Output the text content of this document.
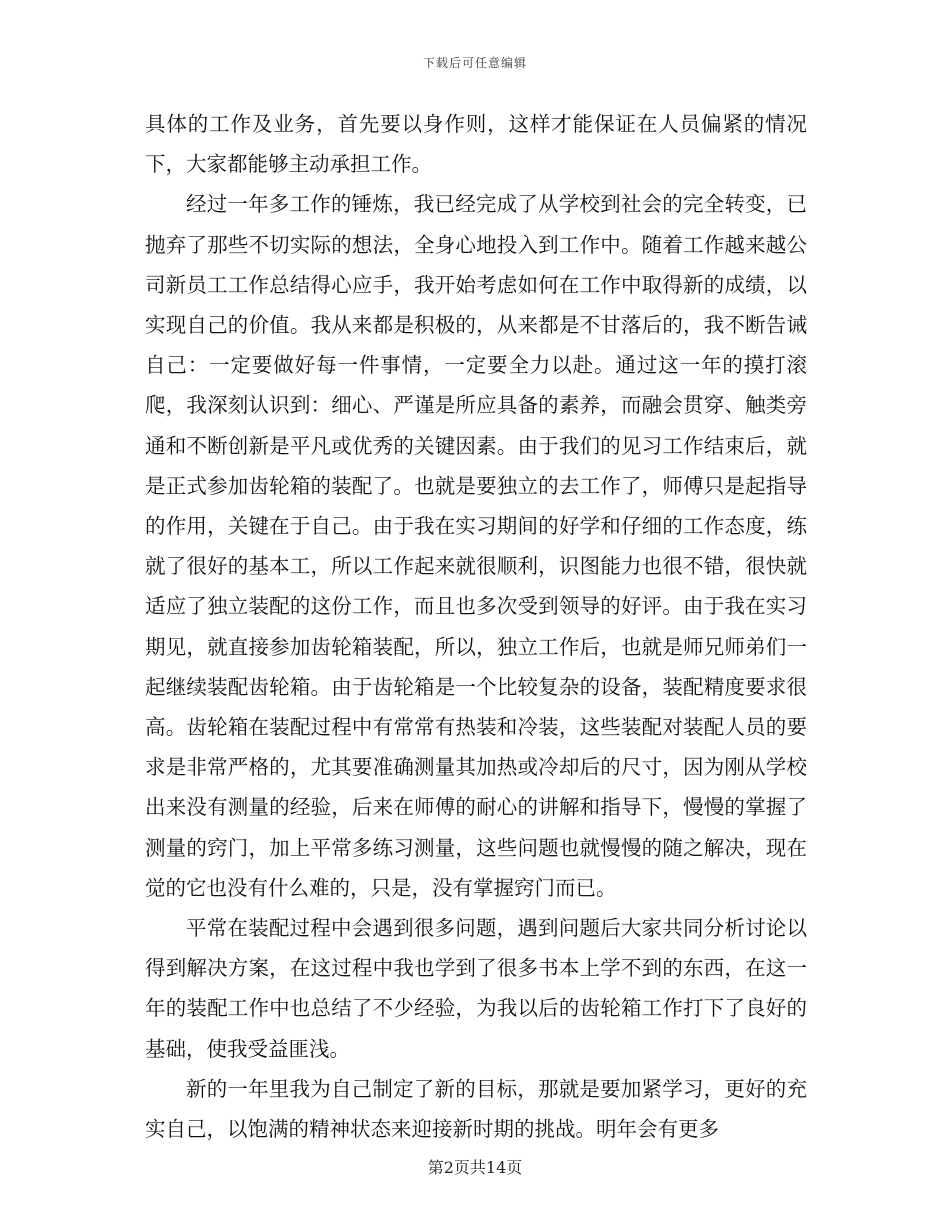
下载后可任意编辑

具体的工作及业务，首先要以身作则，这样才能保证在人员偏紧的情况下，大家都能够主动承担工作。

经过一年多工作的锤炼，我已经完成了从学校到社会的完全转变，已抛弃了那些不切实际的想法，全身心地投入到工作中。随着工作越来越公司新员工工作总结得心应手，我开始考虑如何在工作中取得新的成绩，以实现自己的价值。我从来都是积极的，从来都是不甘落后的，我不断告诫自己：一定要做好每一件事情，一定要全力以赴。通过这一年的摸打滚爬，我深刻认识到：细心、严谨是所应具备的素养，而融会贯穿、触类旁通和不断创新是平凡或优秀的关键因素。由于我们的见习工作结束后，就是正式参加齿轮箱的装配了。也就是要独立的去工作了，师傅只是起指导的作用，关键在于自己。由于我在实习期间的好学和仔细的工作态度，练就了很好的基本工，所以工作起来就很顺利，识图能力也很不错，很快就适应了独立装配的这份工作，而且也多次受到领导的好评。由于我在实习期见，就直接参加齿轮箱装配，所以，独立工作后，也就是师兄师弟们一起继续装配齿轮箱。由于齿轮箱是一个比较复杂的设备，装配精度要求很高。齿轮箱在装配过程中有常常有热装和冷装，这些装配对装配人员的要求是非常严格的，尤其要准确测量其加热或冷却后的尺寸，因为刚从学校出来没有测量的经验，后来在师傅的耐心的讲解和指导下，慢慢的掌握了测量的窍门，加上平常多练习测量，这些问题也就慢慢的随之解决，现在觉的它也没有什么难的，只是，没有掌握窍门而已。

平常在装配过程中会遇到很多问题，遇到问题后大家共同分析讨论以得到解决方案，在这过程中我也学到了很多书本上学不到的东西，在这一年的装配工作中也总结了不少经验，为我以后的齿轮箱工作打下了良好的基础，使我受益匪浅。

新的一年里我为自己制定了新的目标，那就是要加紧学习，更好的充实自己，以饱满的精神状态来迎接新时期的挑战。明年会有更多

第2页共14页
